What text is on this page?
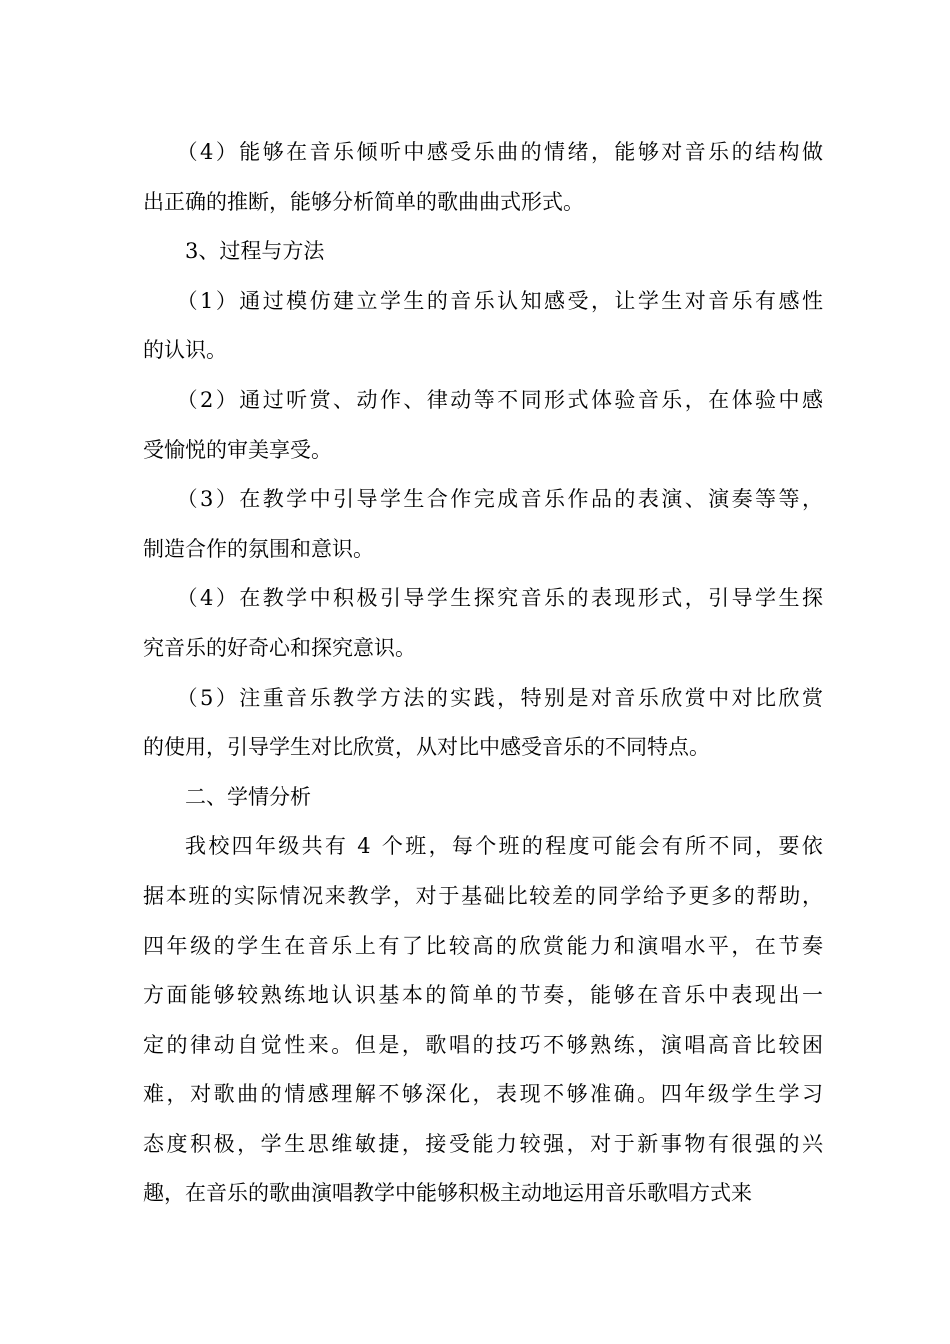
（4）能够在音乐倾听中感受乐曲的情绪，能够对音乐的结构做
出正确的推断，能够分析简单的歌曲曲式形式。
3、过程与方法
（1）通过模仿建立学生的音乐认知感受，让学生对音乐有感性
的认识。
（2）通过听赏、动作、律动等不同形式体验音乐，在体验中感
受愉悦的审美享受。
（3）在教学中引导学生合作完成音乐作品的表演、演奏等等，
制造合作的氛围和意识。
（4）在教学中积极引导学生探究音乐的表现形式，引导学生探
究音乐的好奇心和探究意识。
（5）注重音乐教学方法的实践，特别是对音乐欣赏中对比欣赏
的使用，引导学生对比欣赏，从对比中感受音乐的不同特点。
二、学情分析
我校四年级共有 4 个班，每个班的程度可能会有所不同，要依
据本班的实际情况来教学，对于基础比较差的同学给予更多的帮助，
四年级的学生在音乐上有了比较高的欣赏能力和演唱水平，在节奏
方面能够较熟练地认识基本的简单的节奏，能够在音乐中表现出一
定的律动自觉性来。但是，歌唱的技巧不够熟练，演唱高音比较困
难，对歌曲的情感理解不够深化，表现不够准确。四年级学生学习
态度积极，学生思维敏捷，接受能力较强，对于新事物有很强的兴
趣，在音乐的歌曲演唱教学中能够积极主动地运用音乐歌唱方式来
